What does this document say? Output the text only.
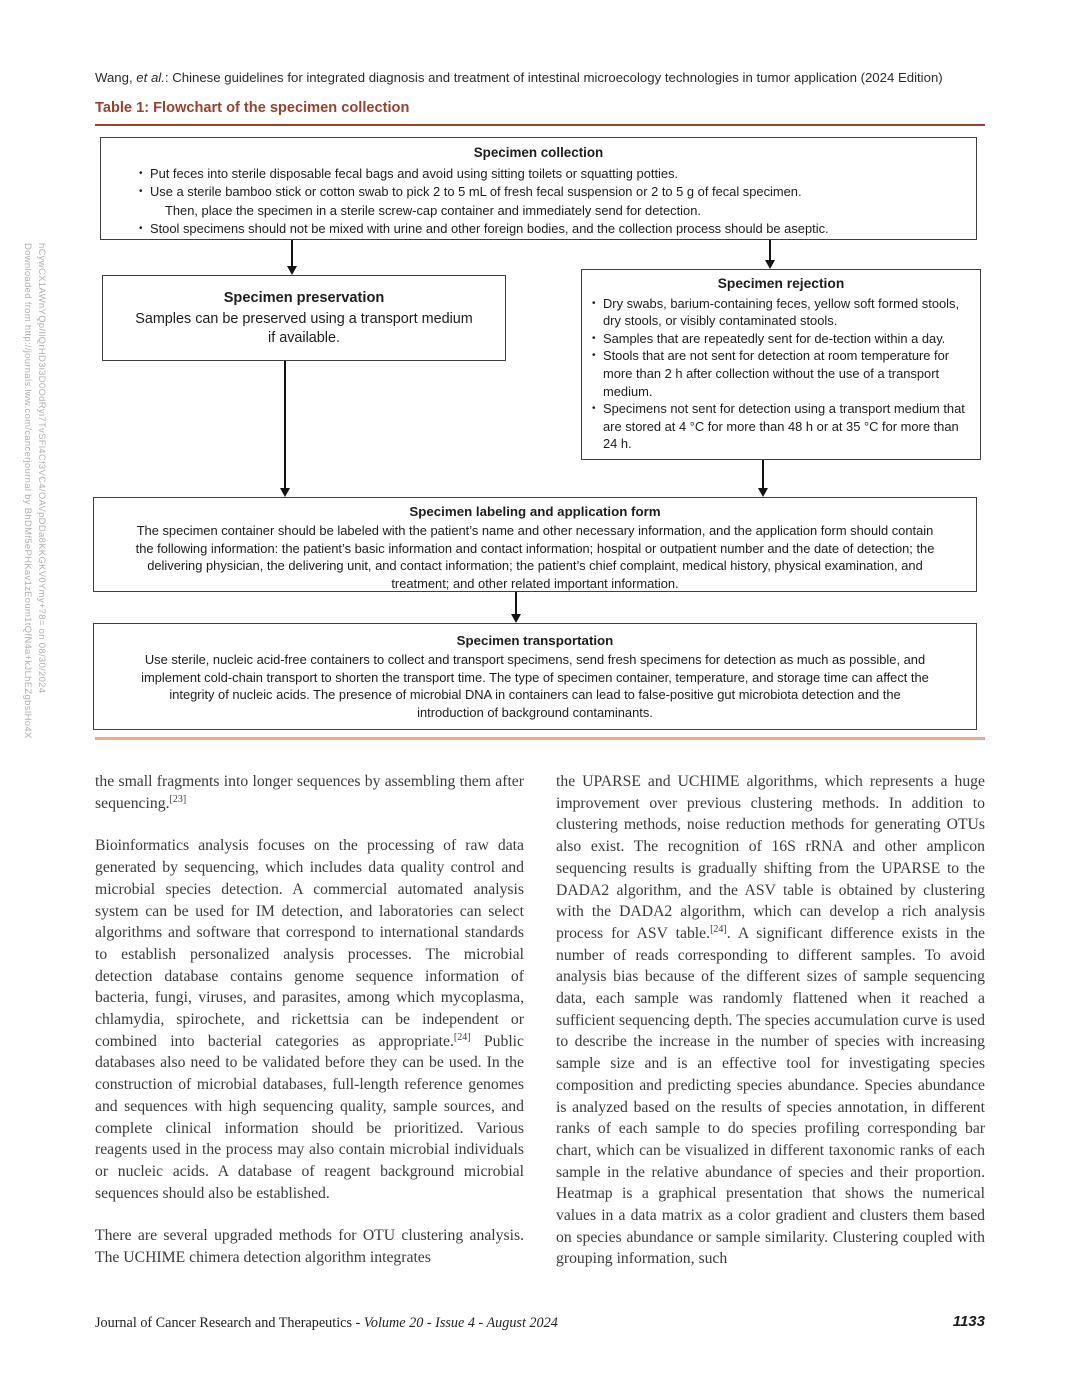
Downloaded from http://journals.lww.com/cancerjournal by BhDMf5ePHKav1zEoum1tQfN4a+kJLhEZgbsIHo4X hCywCX1AWnYQp/IlQrHD3i3D0OdRyi7TvSFl4Cf3VC4/OAVpDDa8KKGKV0Ymy+78= on 08/30/2024
Wang, et al.: Chinese guidelines for integrated diagnosis and treatment of intestinal microecology technologies in tumor application (2024 Edition)
Table 1: Flowchart of the specimen collection
Specimen collection
• Put feces into sterile disposable fecal bags and avoid using sitting toilets or squatting potties.
• Use a sterile bamboo stick or cotton swab to pick 2 to 5 mL of fresh fecal suspension or 2 to 5 g of fecal specimen.
Then, place the specimen in a sterile screw-cap container and immediately send for detection.
• Stool specimens should not be mixed with urine and other foreign bodies, and the collection process should be aseptic.
Specimen preservation
Samples can be preserved using a transport medium if available.
Specimen rejection
• Dry swabs, barium-containing feces, yellow soft formed stools, dry stools, or visibly contaminated stools.
• Samples that are repeatedly sent for de-tection within a day.
• Stools that are not sent for detection at room temperature for more than 2 h after collection without the use of a transport medium.
• Specimens not sent for detection using a transport medium that are stored at 4 °C for more than 48 h or at 35 °C for more than 24 h.
Specimen labeling and application form
The specimen container should be labeled with the patient’s name and other necessary information, and the application form should contain the following information: the patient’s basic information and contact information; hospital or outpatient number and the date of detection; the delivering physician, the delivering unit, and contact information; the patient’s chief complaint, medical history, physical examination, and treatment; and other related important information.
Specimen transportation
Use sterile, nucleic acid-free containers to collect and transport specimens, send fresh specimens for detection as much as possible, and implement cold-chain transport to shorten the transport time. The type of specimen container, temperature, and storage time can affect the integrity of nucleic acids. The presence of microbial DNA in containers can lead to false-positive gut microbiota detection and the introduction of background contaminants.

the small fragments into longer sequences by assembling them after sequencing.[23]

Bioinformatics analysis focuses on the processing of raw data generated by sequencing, which includes data quality control and microbial species detection. A commercial automated analysis system can be used for IM detection, and laboratories can select algorithms and software that correspond to international standards to establish personalized analysis processes. The microbial detection database contains genome sequence information of bacteria, fungi, viruses, and parasites, among which mycoplasma, chlamydia, spirochete, and rickettsia can be independent or combined into bacterial categories as appropriate.[24] Public databases also need to be validated before they can be used. In the construction of microbial databases, full-length reference genomes and sequences with high sequencing quality, sample sources, and complete clinical information should be prioritized. Various reagents used in the process may also contain microbial individuals or nucleic acids. A database of reagent background microbial sequences should also be established.

There are several upgraded methods for OTU clustering analysis. The UCHIME chimera detection algorithm integrates

the UPARSE and UCHIME algorithms, which represents a huge improvement over previous clustering methods. In addition to clustering methods, noise reduction methods for generating OTUs also exist. The recognition of 16S rRNA and other amplicon sequencing results is gradually shifting from the UPARSE to the DADA2 algorithm, and the ASV table is obtained by clustering with the DADA2 algorithm, which can develop a rich analysis process for ASV table.[24]. A significant difference exists in the number of reads corresponding to different samples. To avoid analysis bias because of the different sizes of sample sequencing data, each sample was randomly flattened when it reached a sufficient sequencing depth. The species accumulation curve is used to describe the increase in the number of species with increasing sample size and is an effective tool for investigating species composition and predicting species abundance. Species abundance is analyzed based on the results of species annotation, in different ranks of each sample to do species profiling corresponding bar chart, which can be visualized in different taxonomic ranks of each sample in the relative abundance of species and their proportion. Heatmap is a graphical presentation that shows the numerical values in a data matrix as a color gradient and clusters them based on species abundance or sample similarity. Clustering coupled with grouping information, such

Journal of Cancer Research and Therapeutics - Volume 20 - Issue 4 - August 2024	1133
